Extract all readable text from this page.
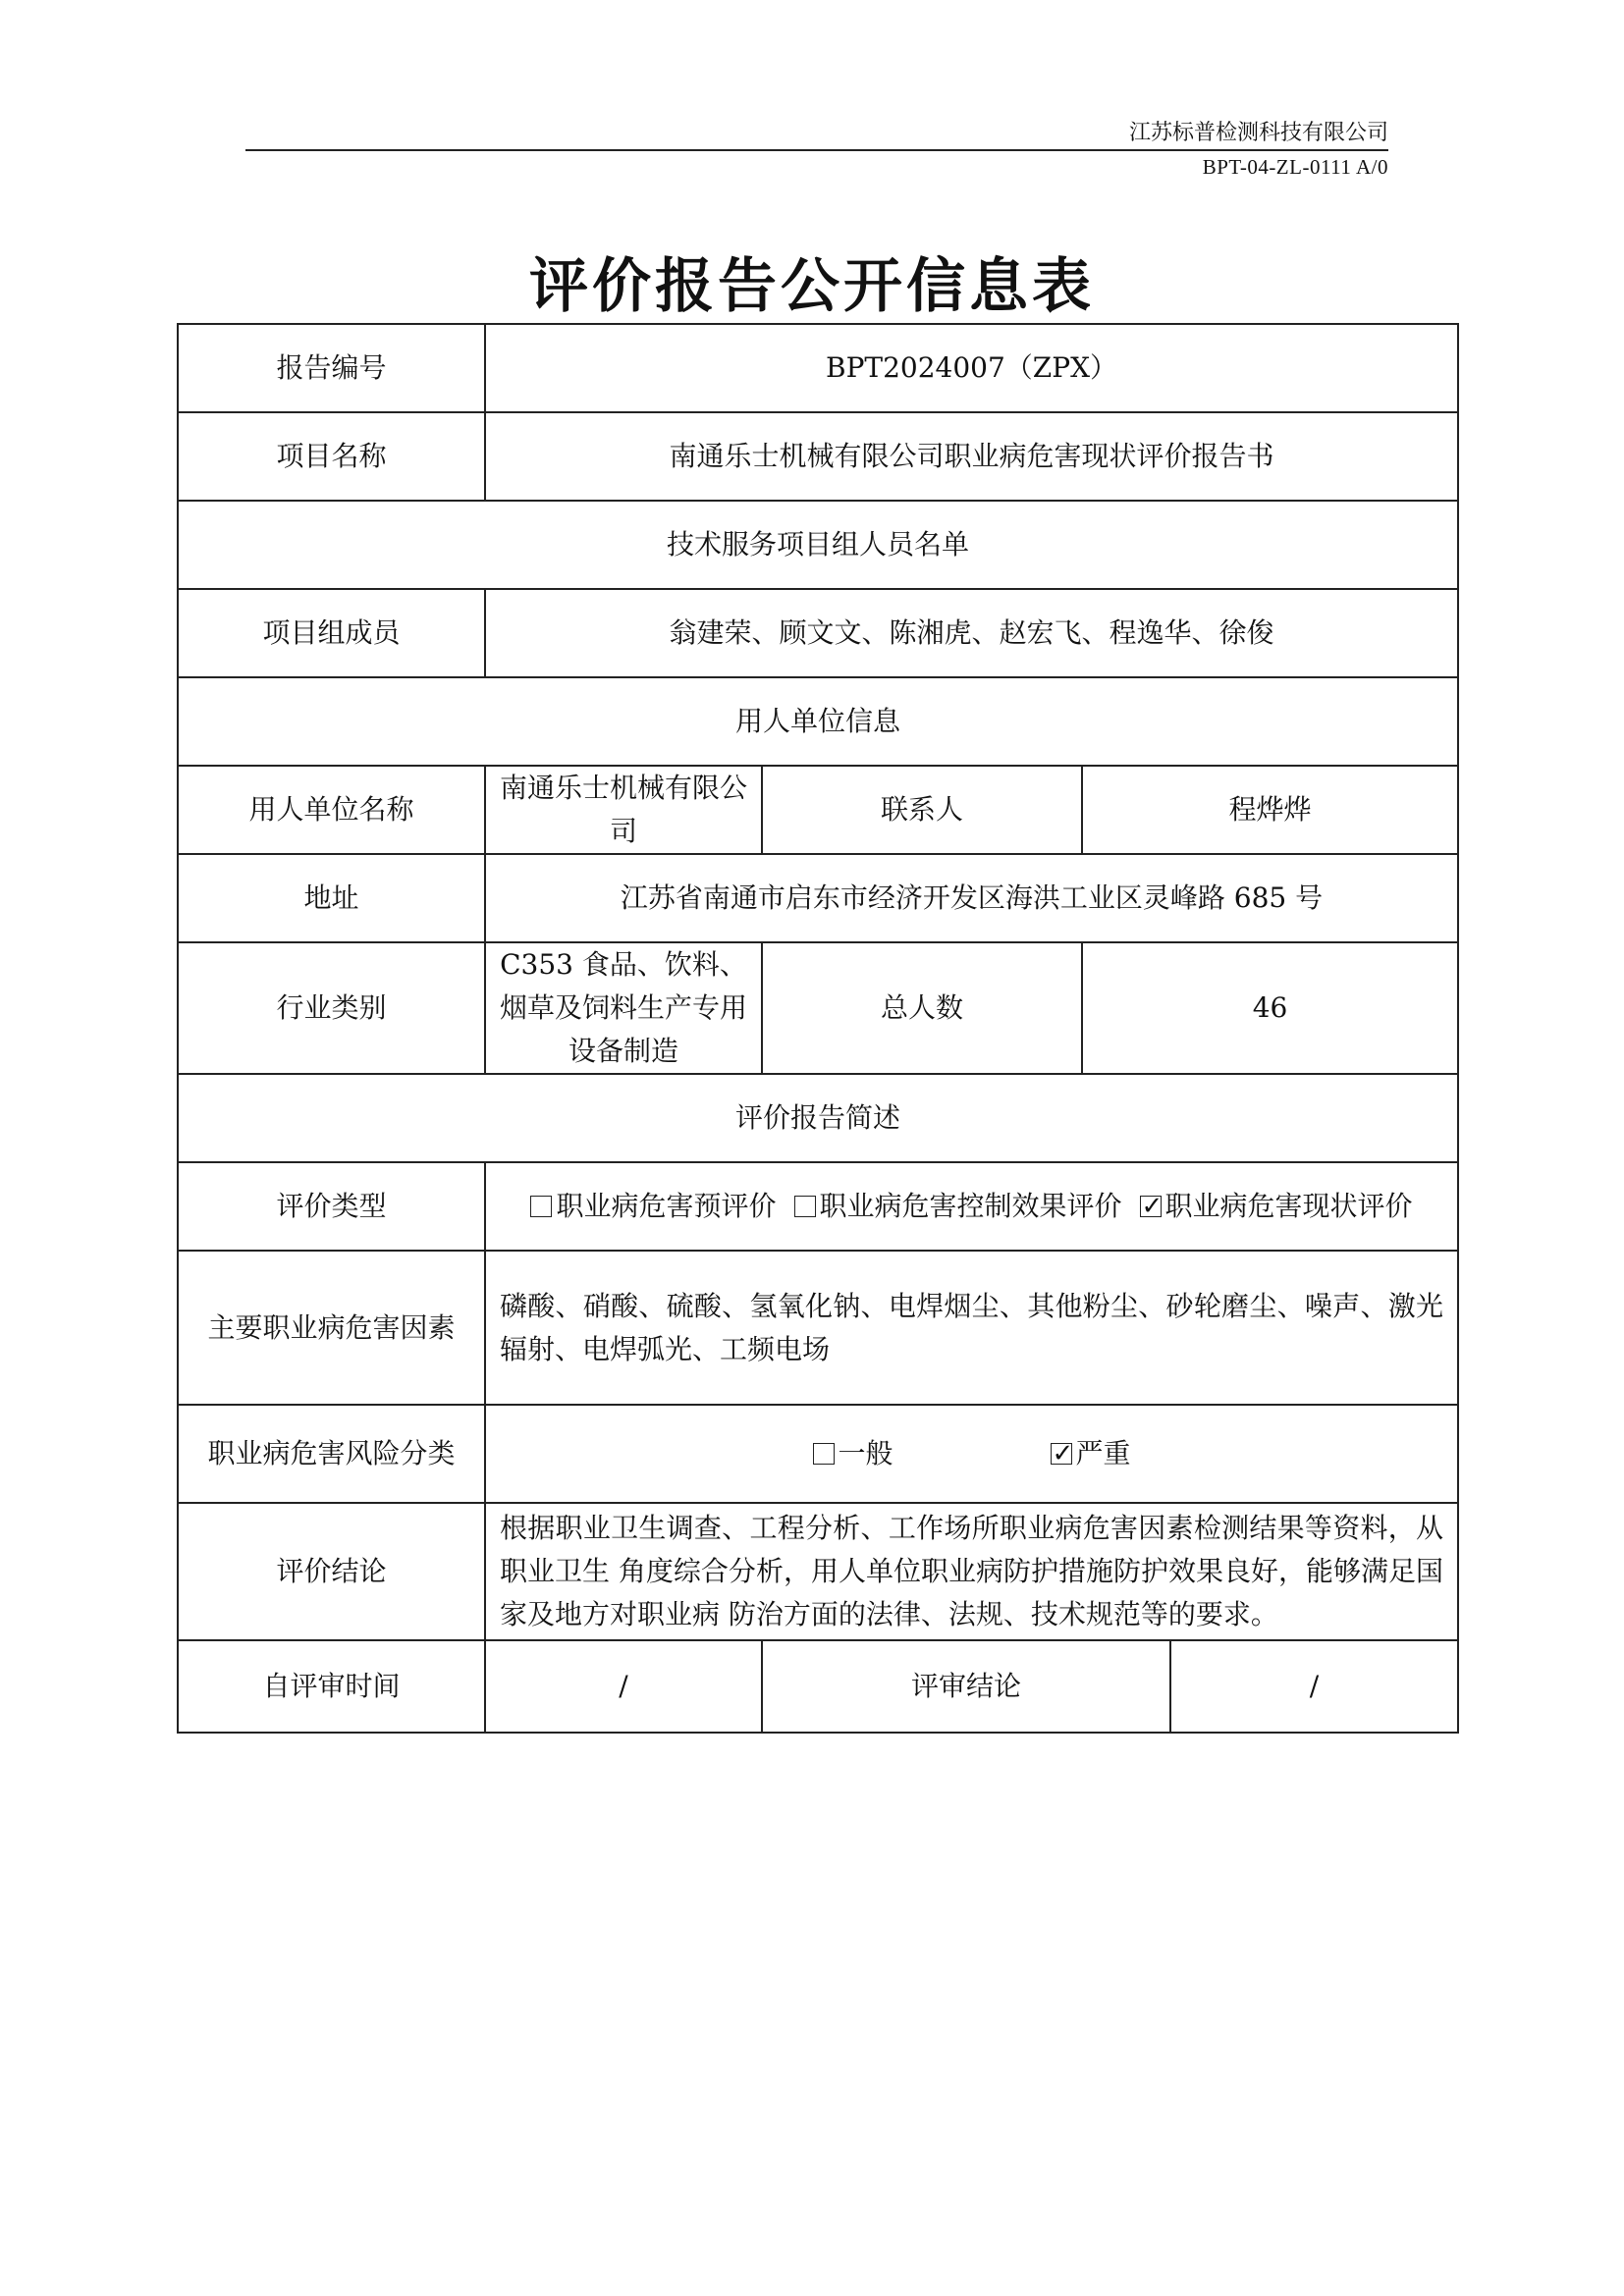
江苏标普检测科技有限公司
BPT-04-ZL-0111 A/0
评价报告公开信息表
报告编号	BPT2024007（ZPX）			
项目名称	南通乐士机械有限公司职业病危害现状评价报告书			
技术服务项目组人员名单				
项目组成员	翁建荣、顾文文、陈湘虎、赵宏飞、程逸华、徐俊			
用人单位信息				
用人单位名称	南通乐士机械有限公司	联系人	程烨烨	
地址	江苏省南通市启东市经济开发区海洪工业区灵峰路 685 号			
行业类别	C353 食品、饮料、烟草及饲料生产专用设备制造	总人数	46	
评价报告简述				
评价类型	职业病危害预评价 职业病危害控制效果评价 ✓ 职业病危害现状评价
主要职业病危害因素	磷酸、硝酸、硫酸、氢氧化钠、电焊烟尘、其他粉尘、砂轮磨尘、噪声、激光辐射、电焊弧光、工频电场			
职业病危害风险分类	一般 ✓ 严重
评价结论	根据职业卫生调查、工程分析、工作场所职业病危害因素检测结果等资料，从职业卫生 角度综合分析，用人单位职业病防护措施防护效果良好，能够满足国家及地方对职业病 防治方面的法律、法规、技术规范等的要求。			
自评审时间	/	评审结论		/
